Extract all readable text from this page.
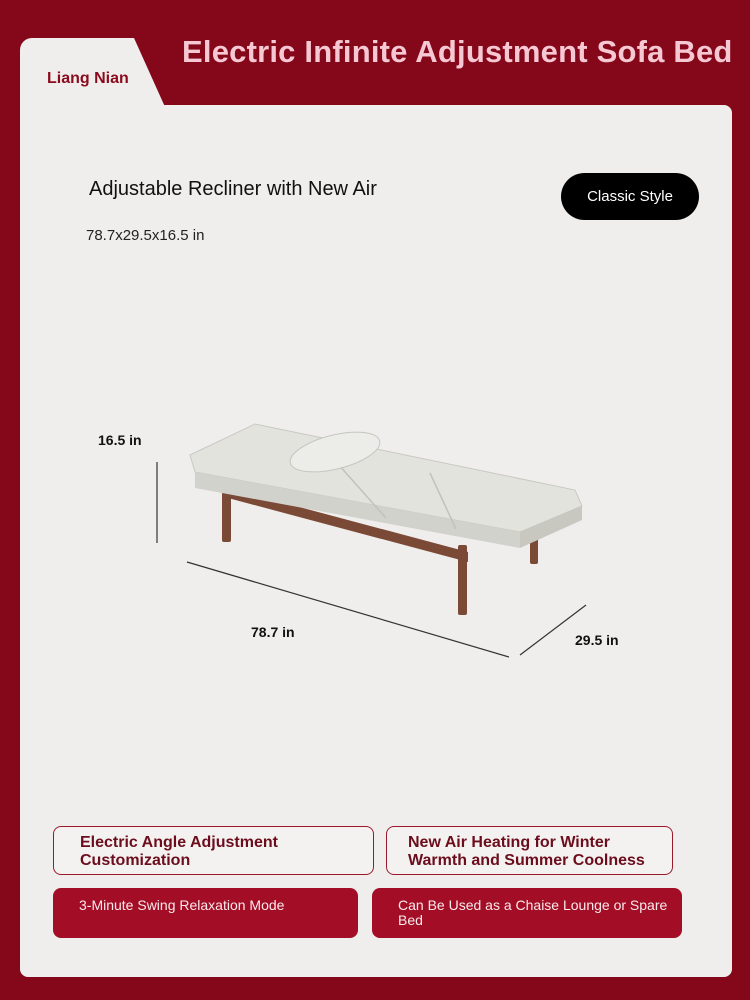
Liang Nian
Electric Infinite Adjustment Sofa Bed
Adjustable Recliner with New Air
78.7x29.5x16.5 in
Classic Style
16.5 in
78.7 in	29.5 in
Electric Angle Adjustment Customization
New Air Heating for Winter Warmth and Summer Coolness
3-Minute Swing Relaxation Mode	Can Be Used as a Chaise Lounge or Spare Bed
